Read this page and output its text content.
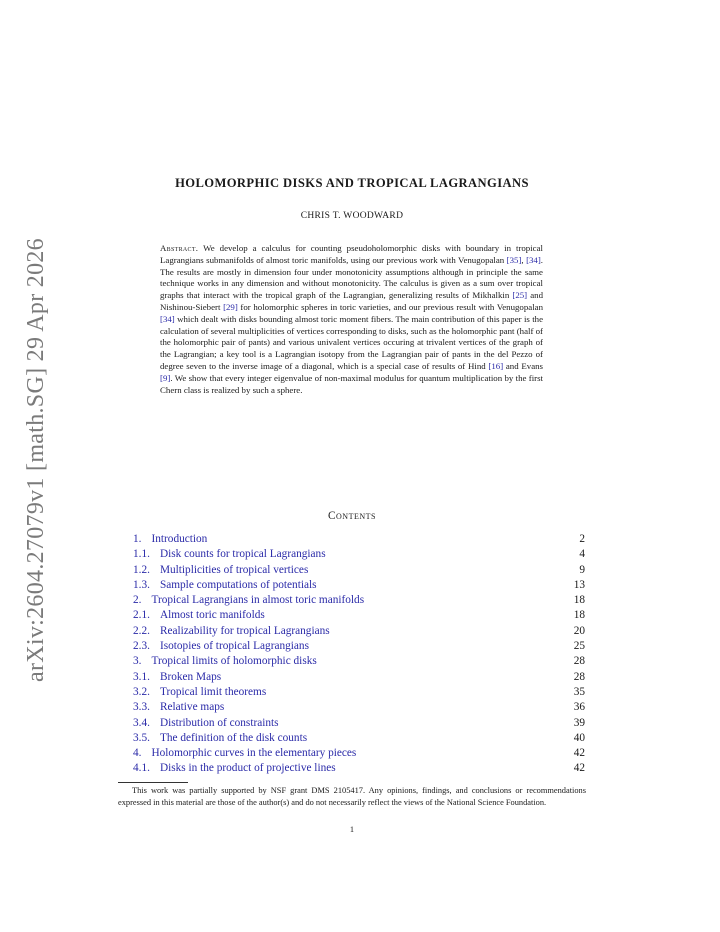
arXiv:2604.27079v1 [math.SG] 29 Apr 2026
HOLOMORPHIC DISKS AND TROPICAL LAGRANGIANS
CHRIS T. WOODWARD
Abstract. We develop a calculus for counting pseudoholomorphic disks with boundary in tropical Lagrangians submanifolds of almost toric manifolds, using our previous work with Venugopalan [35], [34]. The results are mostly in dimension four under monotonicity assumptions although in principle the same technique works in any dimension and without monotonicity. The calculus is given as a sum over tropical graphs that interact with the tropical graph of the Lagrangian, generalizing results of Mikhalkin [25] and Nishinou-Siebert [29] for holomorphic spheres in toric varieties, and our previous result with Venugopalan [34] which dealt with disks bounding almost toric moment fibers. The main contribution of this paper is the calculation of several multiplicities of vertices corresponding to disks, such as the holomorphic pant (half of the holomorphic pair of pants) and various univalent vertices occuring at trivalent vertices of the graph of the Lagrangian; a key tool is a Lagrangian isotopy from the Lagrangian pair of pants in the del Pezzo of degree seven to the inverse image of a diagonal, which is a special case of results of Hind [16] and Evans [9]. We show that every integer eigenvalue of non-maximal modulus for quantum multiplication by the first Chern class is realized by such a sphere.
Contents
1. Introduction	2
1.1. Disk counts for tropical Lagrangians	4
1.2. Multiplicities of tropical vertices	9
1.3. Sample computations of potentials	13
2. Tropical Lagrangians in almost toric manifolds	18
2.1. Almost toric manifolds	18
2.2. Realizability for tropical Lagrangians	20
2.3. Isotopies of tropical Lagrangians	25
3. Tropical limits of holomorphic disks	28
3.1. Broken Maps	28
3.2. Tropical limit theorems	35
3.3. Relative maps	36
3.4. Distribution of constraints	39
3.5. The definition of the disk counts	40
4. Holomorphic curves in the elementary pieces	42
4.1. Disks in the product of projective lines	42
This work was partially supported by NSF grant DMS 2105417. Any opinions, findings, and conclusions or recommendations expressed in this material are those of the author(s) and do not necessarily reflect the views of the National Science Foundation.
1
